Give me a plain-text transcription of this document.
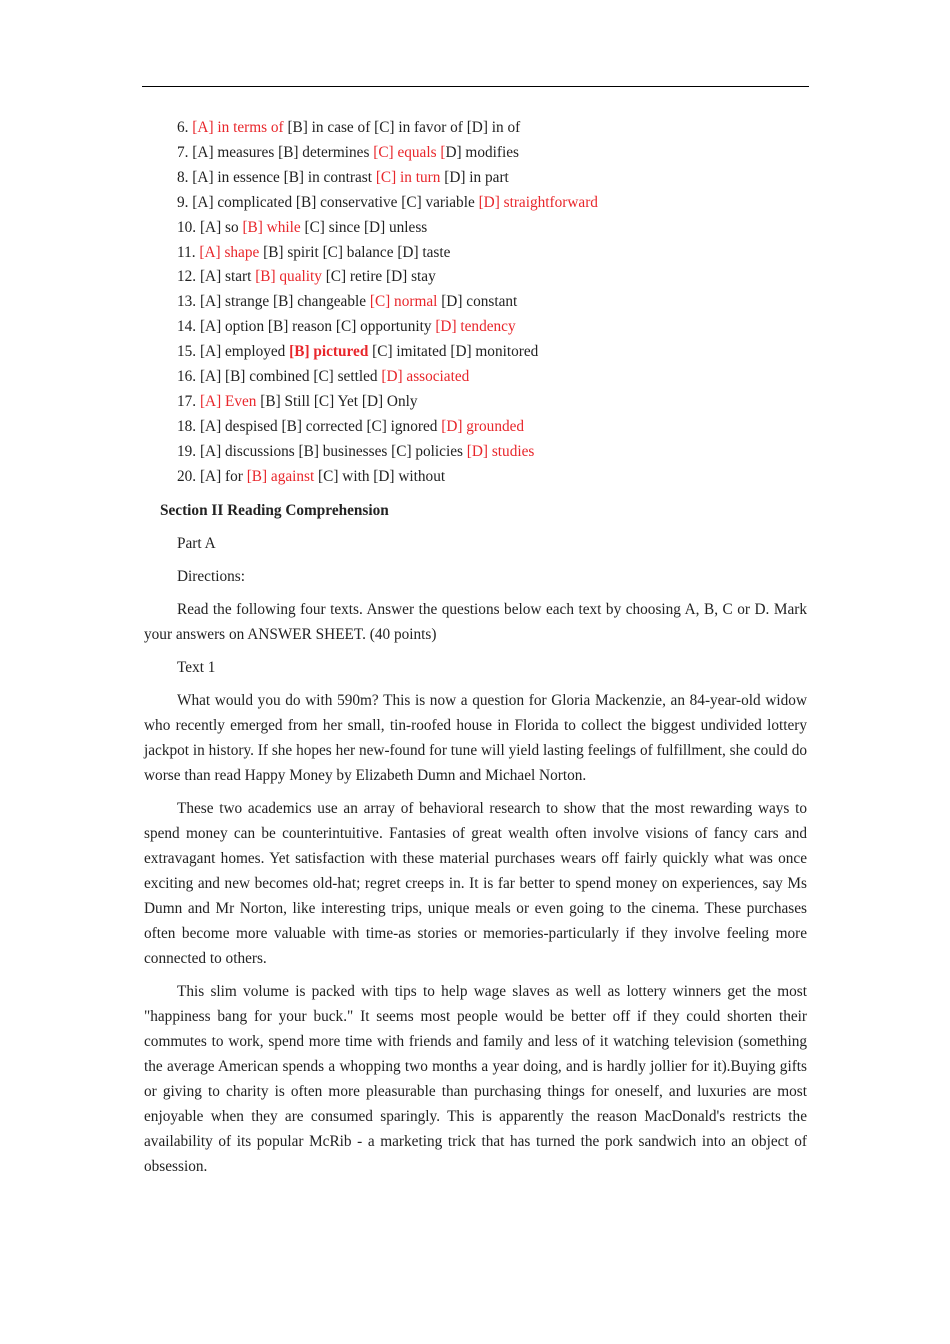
6. [A] in terms of [B] in case of [C] in favor of [D] in of
7. [A] measures [B] determines [C] equals [D] modifies
8. [A] in essence [B] in contrast [C] in turn [D] in part
9. [A] complicated [B] conservative [C] variable [D] straightforward
10. [A] so [B] while [C] since [D] unless
11. [A] shape [B] spirit [C] balance [D] taste
12. [A] start [B] quality [C] retire [D] stay
13. [A] strange [B] changeable [C] normal [D] constant
14. [A] option [B] reason [C] opportunity [D] tendency
15. [A] employed [B] pictured [C] imitated [D] monitored
16. [A] [B] combined [C] settled [D] associated
17. [A] Even [B] Still [C] Yet [D] Only
18. [A] despised [B] corrected [C] ignored [D] grounded
19. [A] discussions [B] businesses [C] policies [D] studies
20. [A] for [B] against [C] with [D] without
Section II Reading Comprehension
Part A
Directions:
Read the following four texts. Answer the questions below each text by choosing A, B, C or D. Mark your answers on ANSWER SHEET. (40 points)
Text 1
What would you do with 590m? This is now a question for Gloria Mackenzie, an 84-year-old widow who recently emerged from her small, tin-roofed house in Florida to collect the biggest undivided lottery jackpot in history. If she hopes her new-found for tune will yield lasting feelings of fulfillment, she could do worse than read Happy Money by Elizabeth Dumn and Michael Norton.
These two academics use an array of behavioral research to show that the most rewarding ways to spend money can be counterintuitive. Fantasies of great wealth often involve visions of fancy cars and extravagant homes. Yet satisfaction with these material purchases wears off fairly quickly what was once exciting and new becomes old-hat; regret creeps in. It is far better to spend money on experiences, say Ms Dumn and Mr Norton, like interesting trips, unique meals or even going to the cinema. These purchases often become more valuable with time-as stories or memories-particularly if they involve feeling more connected to others.
This slim volume is packed with tips to help wage slaves as well as lottery winners get the most "happiness bang for your buck." It seems most people would be better off if they could shorten their commutes to work, spend more time with friends and family and less of it watching television (something the average American spends a whopping two months a year doing, and is hardly jollier for it).Buying gifts or giving to charity is often more pleasurable than purchasing things for oneself, and luxuries are most enjoyable when they are consumed sparingly. This is apparently the reason MacDonald's restricts the availability of its popular McRib - a marketing trick that has turned the pork sandwich into an object of obsession.
